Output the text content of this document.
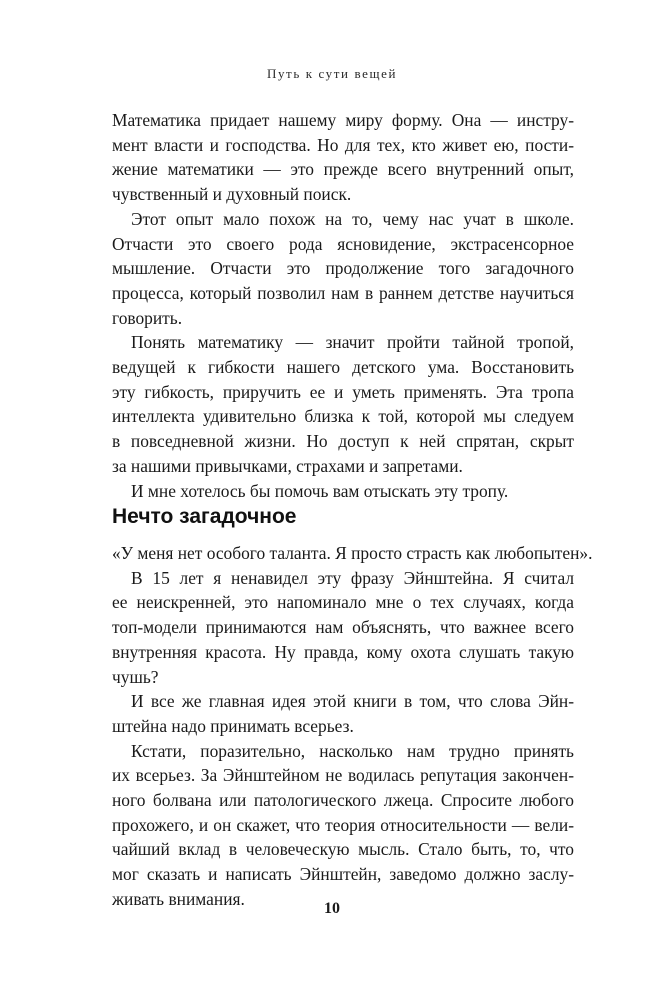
Путь к сути вещей

Математика придает нашему миру форму. Она — инстру-
мент власти и господства. Но для тех, кто живет ею, пости-
жение математики — это прежде всего внутренний опыт,
чувственный и духовный поиск.

Этот опыт мало похож на то, чему нас учат в школе.
Отчасти это своего рода ясновидение, экстрасенсорное
мышление. Отчасти это продолжение того загадочного
процесса, который позволил нам в раннем детстве научиться
говорить.

Понять математику — значит пройти тайной тропой,
ведущей к гибкости нашего детского ума. Восстановить
эту гибкость, приручить ее и уметь применять. Эта тропа
интеллекта удивительно близка к той, которой мы следуем
в повседневной жизни. Но доступ к ней спрятан, скрыт
за нашими привычками, страхами и запретами.

И мне хотелось бы помочь вам отыскать эту тропу.

Нечто загадочное

«У меня нет особого таланта. Я просто страсть как любопытен».

В 15 лет я ненавидел эту фразу Эйнштейна. Я считал
ее неискренней, это напоминало мне о тех случаях, когда
топ-модели принимаются нам объяснять, что важнее всего
внутренняя красота. Ну правда, кому охота слушать такую
чушь?

И все же главная идея этой книги в том, что слова Эйн-
штейна надо принимать всерьез.

Кстати, поразительно, насколько нам трудно принять
их всерьез. За Эйнштейном не водилась репутация закончен-
ного болвана или патологического лжеца. Спросите любого
прохожего, и он скажет, что теория относительности — вели-
чайший вклад в человеческую мысль. Стало быть, то, что
мог сказать и написать Эйнштейн, заведомо должно заслу-
живать внимания.	10
